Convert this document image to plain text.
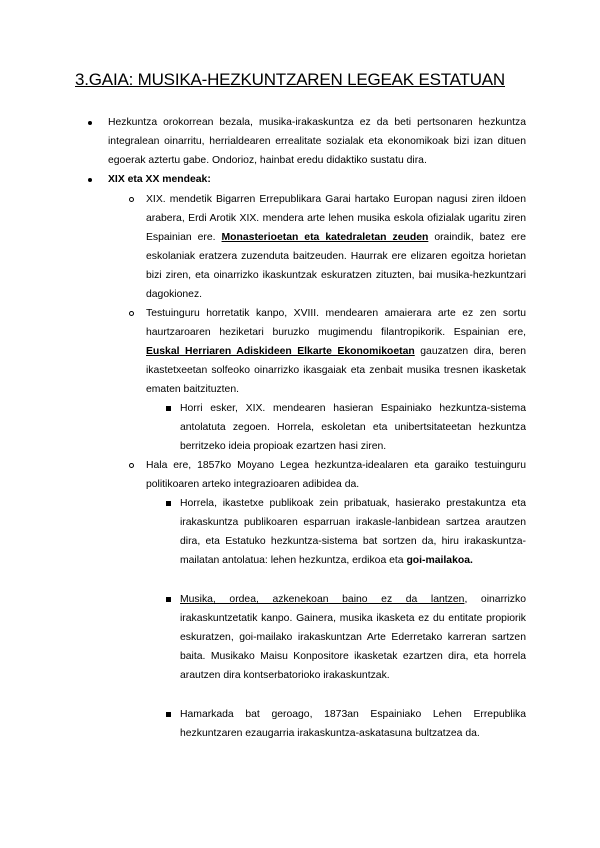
3.GAIA: MUSIKA-HEZKUNTZAREN LEGEAK ESTATUAN
Hezkuntza orokorrean bezala, musika-irakaskuntza ez da beti pertsonaren hezkuntza integralean oinarritu, herrialdearen errealitate sozialak eta ekonomikoak bizi izan dituen egoerak aztertu gabe. Ondorioz, hainbat eredu didaktiko sustatu dira.
XIX eta XX mendeak:
XIX. mendetik Bigarren Errepublikara Garai hartako Europan nagusi ziren ildoen arabera, Erdi Arotik XIX. mendera arte lehen musika eskola ofizialak ugaritu ziren Espainian ere. Monasterioetan eta katedraletan zeuden oraindik, batez ere eskolaniak eratzera zuzenduta baitzeuden. Haurrak ere elizaren egoitza horietan bizi ziren, eta oinarrizko ikaskuntzak eskuratzen zituzten, bai musika-hezkuntzari dagokionez.
Testuinguru horretatik kanpo, XVIII. mendearen amaierara arte ez zen sortu haurtzaroaren heziketari buruzko mugimendu filantropikorik. Espainian ere, Euskal Herriaren Adiskideen Elkarte Ekonomikoetan gauzatzen dira, beren ikastetxeetan solfeoko oinarrizko ikasgaiak eta zenbait musika tresnen ikasketak ematen baitzituzten.
Horri esker, XIX. mendearen hasieran Espainiako hezkuntza-sistema antolatuta zegoen. Horrela, eskoletan eta unibertsitateetan hezkuntza berritzeko ideia propioak ezartzen hasi ziren.
Hala ere, 1857ko Moyano Legea hezkuntza-idealaren eta garaiko testuinguru politikoaren arteko integrazioaren adibidea da.
Horrela, ikastetxe publikoak zein pribatuak, hasierako prestakuntza eta irakaskuntza publikoaren esparruan irakasle-lanbidean sartzea arautzen dira, eta Estatuko hezkuntza-sistema bat sortzen da, hiru irakaskuntza-mailatan antolatua: lehen hezkuntza, erdikoa eta goi-mailakoa.
Musika, ordea, azkenekoan baino ez da lantzen, oinarrizko irakaskuntzetatik kanpo. Gainera, musika ikasketa ez du entitate propiorik eskuratzen, goi-mailako irakaskuntzan Arte Ederretako karreran sartzen baita. Musikako Maisu Konpositore ikasketak ezartzen dira, eta horrela arautzen dira kontserbatorioko irakaskuntzak.
Hamarkada bat geroago, 1873an Espainiako Lehen Errepublika hezkuntzaren ezaugarria irakaskuntza-askatasuna bultzatzea da.
